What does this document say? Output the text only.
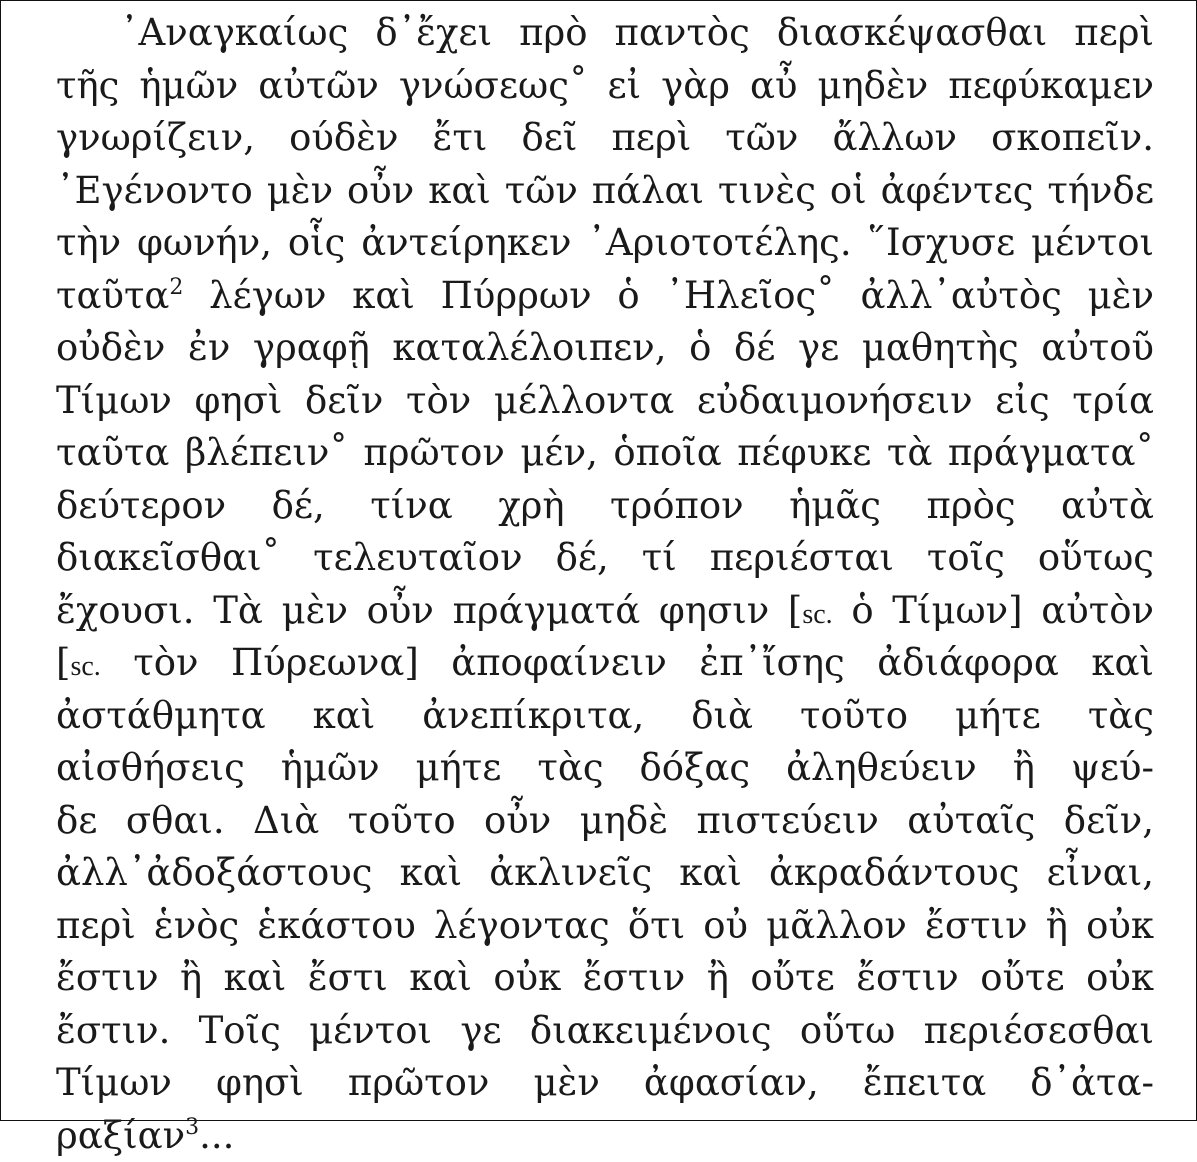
᾿Αναγκαίως δ᾿ἔχει πρὸ παντὸς διασκέψασθαι περὶ
τῆς ἡμῶν αὐτῶν γνώσεως˚ εἰ γὰρ αὖ μηδὲν πεφύκαμεν
γνωρίζειν, ούδὲν ἔτι δεῖ περὶ τῶν ἄλλων σκοπεῖν.
᾿Εγένοντο μὲν οὖν καὶ τῶν πάλαι τινὲς οἱ ἀφέντες τήνδε
τὴν φωνήν, οἷς ἀντείρηκεν ᾿Αριοτοτέλης. ῞Ισχυσε μέντοι
ταῦτα$^2$ λέγων καὶ Πύρρων ὁ ᾿Ηλεῖος˚ ἀλλ᾿αὐτὸς μὲν
οὐδὲν ἐν γραφῇ καταλέλοιπεν, ὁ δέ γε μαθητὴς αὐτοῦ
Τίμων φησὶ δεῖν τὸν μέλλοντα εὐδαιμονήσειν εἰς τρία
ταῦτα βλέπειν˚ πρῶτον μέν, ὁποῖα πέφυκε τὰ πράγματα˚
δεύτερον δέ, τίνα χρὴ τρόπον ἡμᾶς πρὸς αὐτὰ
διακεῖσθαι˚ τελευταῖον δέ, τί περιέσται τοῖς οὕτως
ἔχουσι. Τὰ μὲν οὖν πράγματά φησιν [sc. ὁ Τίμων] αὐτὸν
[sc. τὸν Πύρεωνα] ἀποφαίνειν ἐπ᾿ἴσης ἀδιάφορα καὶ
ἀστάθμητα καὶ ἀνεπίκριτα, διὰ τοῦτο μήτε τὰς
αἰσθήσεις ἡμῶν μήτε τὰς δόξας ἀληθεύειν ἢ ψεύ-
δε σθαι. Διὰ τοῦτο οὖν μηδὲ πιστεύειν αὐταῖς δεῖν,
ἀλλ᾿ἀδοξάστους καὶ ἀκλινεῖς καὶ ἀκραδάντους εἶναι,
περὶ ἑνὸς ἑκάστου λέγοντας ὅτι οὐ μᾶλλον ἔστιν ἢ οὐκ
ἔστιν ἢ καὶ ἔστι καὶ οὐκ ἔστιν ἢ οὔτε ἔστιν οὔτε οὐκ
ἔστιν. Τοῖς μέντοι γε διακειμένοις οὕτω περιέσεσθαι
Τίμων φησὶ πρῶτον μὲν ἀφασίαν, ἔπειτα δ᾿ἀτα-
ραξίαν$^3$...
